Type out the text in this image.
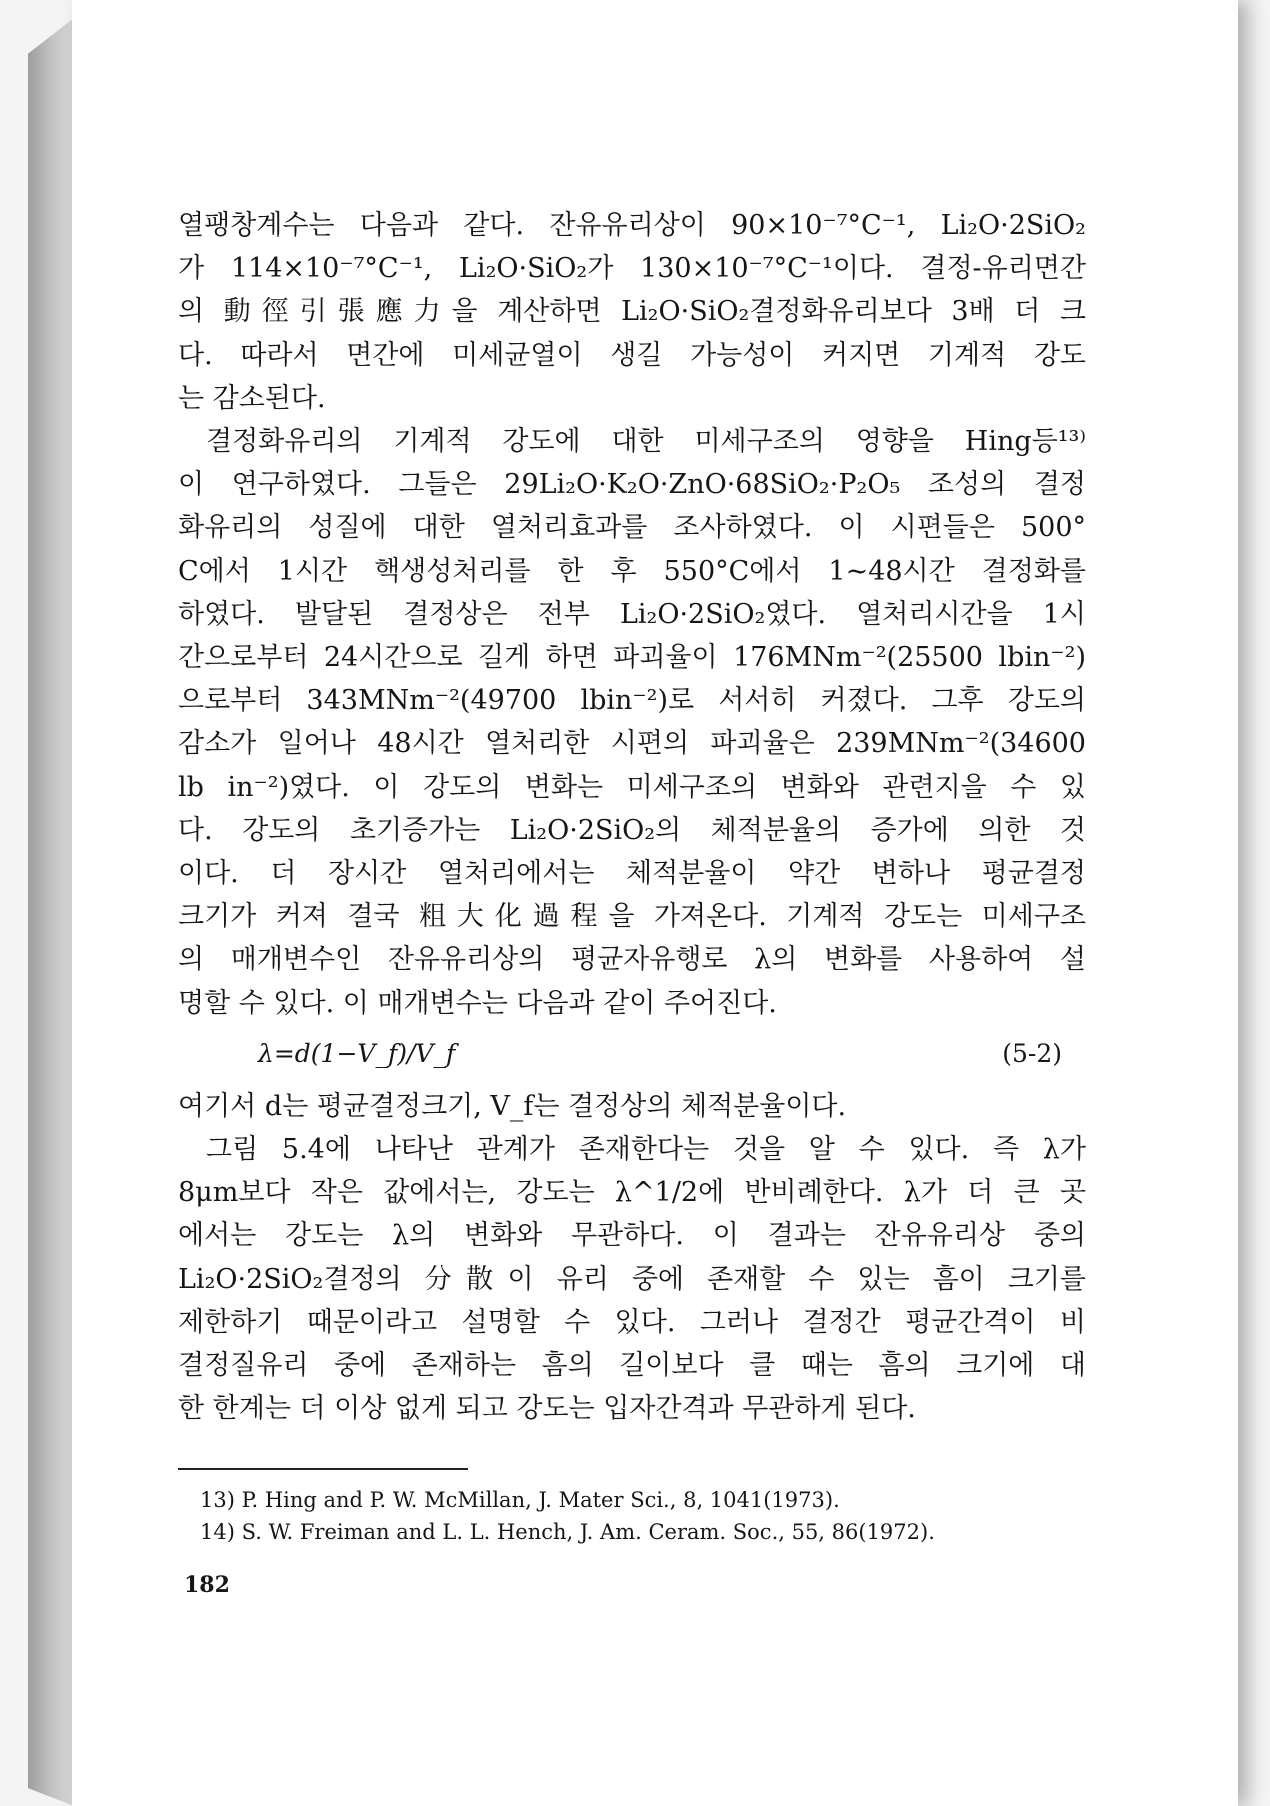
열팽창계수는 다음과 같다. 잔유유리상이 90×10⁻⁷°C⁻¹, Li₂O·2SiO₂
가 114×10⁻⁷°C⁻¹, Li₂O·SiO₂가 130×10⁻⁷°C⁻¹이다. 결정-유리면간
의 動徑引張應力을 계산하면 Li₂O·SiO₂결정화유리보다 3배 더 크
다. 따라서 면간에 미세균열이 생길 가능성이 커지면 기계적 강도
는 감소된다.
결정화유리의 기계적 강도에 대한 미세구조의 영향을 Hing등¹³⁾
이 연구하였다. 그들은 29Li₂O·K₂O·ZnO·68SiO₂·P₂O₅ 조성의 결정
화유리의 성질에 대한 열처리효과를 조사하였다. 이 시편들은 500°
C에서 1시간 핵생성처리를 한 후 550°C에서 1∼48시간 결정화를
하였다. 발달된 결정상은 전부 Li₂O·2SiO₂였다. 열처리시간을 1시
간으로부터 24시간으로 길게 하면 파괴율이 176MNm⁻²(25500 lbin⁻²)
으로부터 343MNm⁻²(49700 lbin⁻²)로 서서히 커졌다. 그후 강도의
감소가 일어나 48시간 열처리한 시편의 파괴율은 239MNm⁻²(34600
lb in⁻²)였다. 이 강도의 변화는 미세구조의 변화와 관련지을 수 있
다. 강도의 초기증가는 Li₂O·2SiO₂의 체적분율의 증가에 의한 것
이다. 더 장시간 열처리에서는 체적분율이 약간 변하나 평균결정
크기가 커져 결국 粗大化過程을 가져온다. 기계적 강도는 미세구조
의 매개변수인 잔유유리상의 평균자유행로 λ의 변화를 사용하여 설
명할 수 있다. 이 매개변수는 다음과 같이 주어진다.
λ=d(1−V_f)/V_f	(5-2)
여기서 d는 평균결정크기, V_f는 결정상의 체적분율이다.
그림 5.4에 나타난 관계가 존재한다는 것을 알 수 있다. 즉 λ가
8μm보다 작은 값에서는, 강도는 λ^1/2에 반비례한다. λ가 더 큰 곳
에서는 강도는 λ의 변화와 무관하다. 이 결과는 잔유유리상 중의
Li₂O·2SiO₂결정의 分散이 유리 중에 존재할 수 있는 흠이 크기를
제한하기 때문이라고 설명할 수 있다. 그러나 결정간 평균간격이 비
결정질유리 중에 존재하는 흠의 길이보다 클 때는 흠의 크기에 대
한 한계는 더 이상 없게 되고 강도는 입자간격과 무관하게 된다.
13) P. Hing and P. W. McMillan, J. Mater Sci., 8, 1041(1973).
14) S. W. Freiman and L. L. Hench, J. Am. Ceram. Soc., 55, 86(1972).
182
